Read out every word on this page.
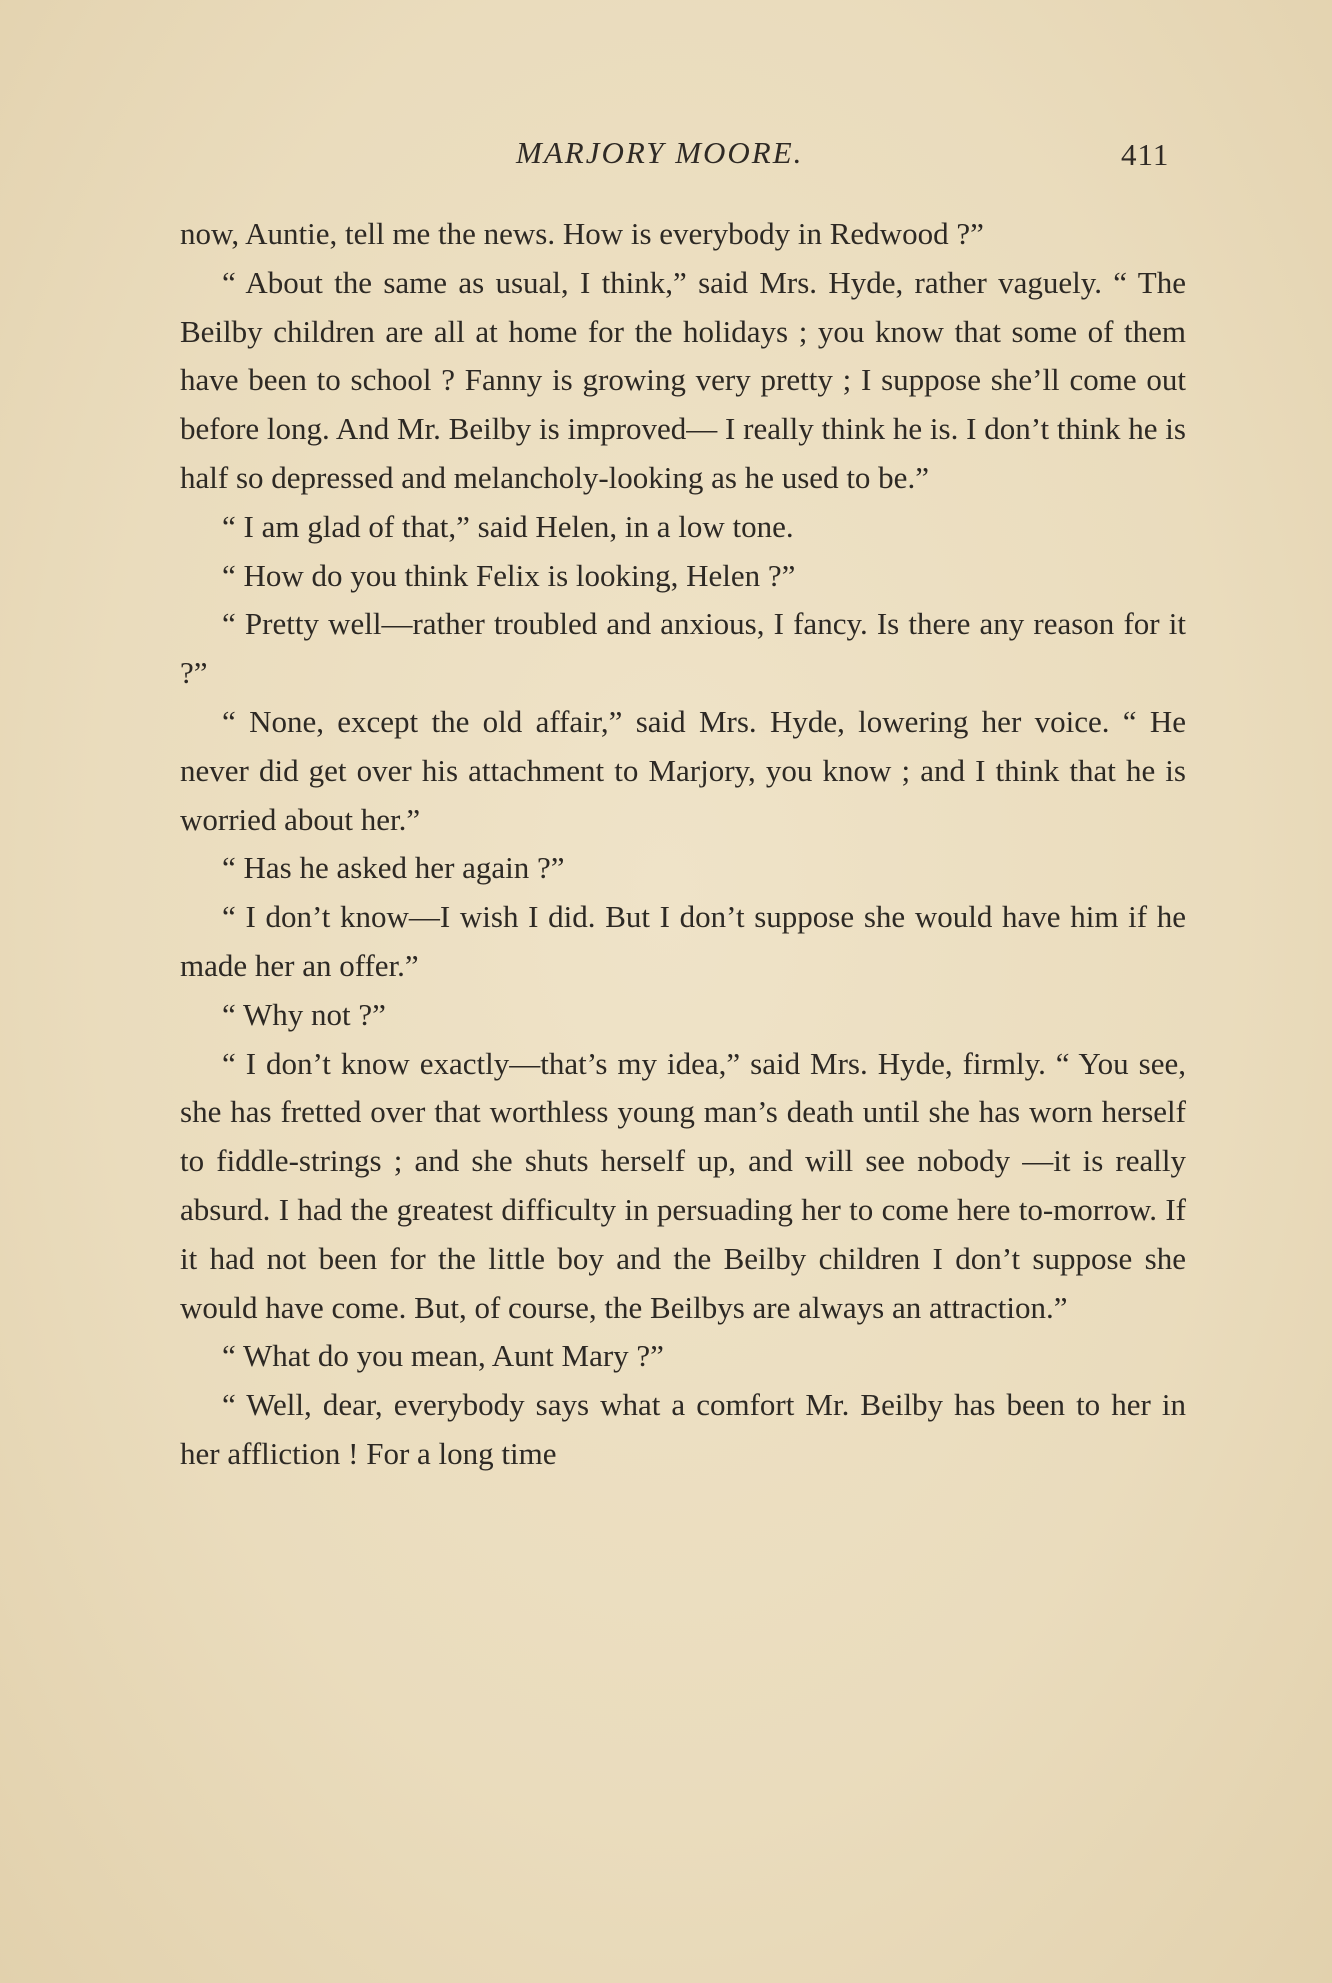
MARJORY MOORE.	411

now, Auntie, tell me the news. How is everybody in Redwood ?”

“ About the same as usual, I think,” said Mrs. Hyde, rather vaguely. “ The Beilby children are all at home for the holidays ; you know that some of them have been to school ? Fanny is growing very pretty ; I suppose she’ll come out before long. And Mr. Beilby is improved— I really think he is. I don’t think he is half so depressed and melancholy-looking as he used to be.”

“ I am glad of that,” said Helen, in a low tone.

“ How do you think Felix is looking, Helen ?”

“ Pretty well—rather troubled and anxious, I fancy. Is there any reason for it ?”

“ None, except the old affair,” said Mrs. Hyde, lowering her voice. “ He never did get over his attachment to Marjory, you know ; and I think that he is worried about her.”

“ Has he asked her again ?”

“ I don’t know—I wish I did. But I don’t suppose she would have him if he made her an offer.”

“ Why not ?”

“ I don’t know exactly—that’s my idea,” said Mrs. Hyde, firmly. “ You see, she has fretted over that worthless young man’s death until she has worn herself to fiddle-strings ; and she shuts herself up, and will see nobody —it is really absurd. I had the greatest difficulty in persuading her to come here to-morrow. If it had not been for the little boy and the Beilby children I don’t suppose she would have come. But, of course, the Beilbys are always an attraction.”

“ What do you mean, Aunt Mary ?”

“ Well, dear, everybody says what a comfort Mr. Beilby has been to her in her affliction ! For a long time
